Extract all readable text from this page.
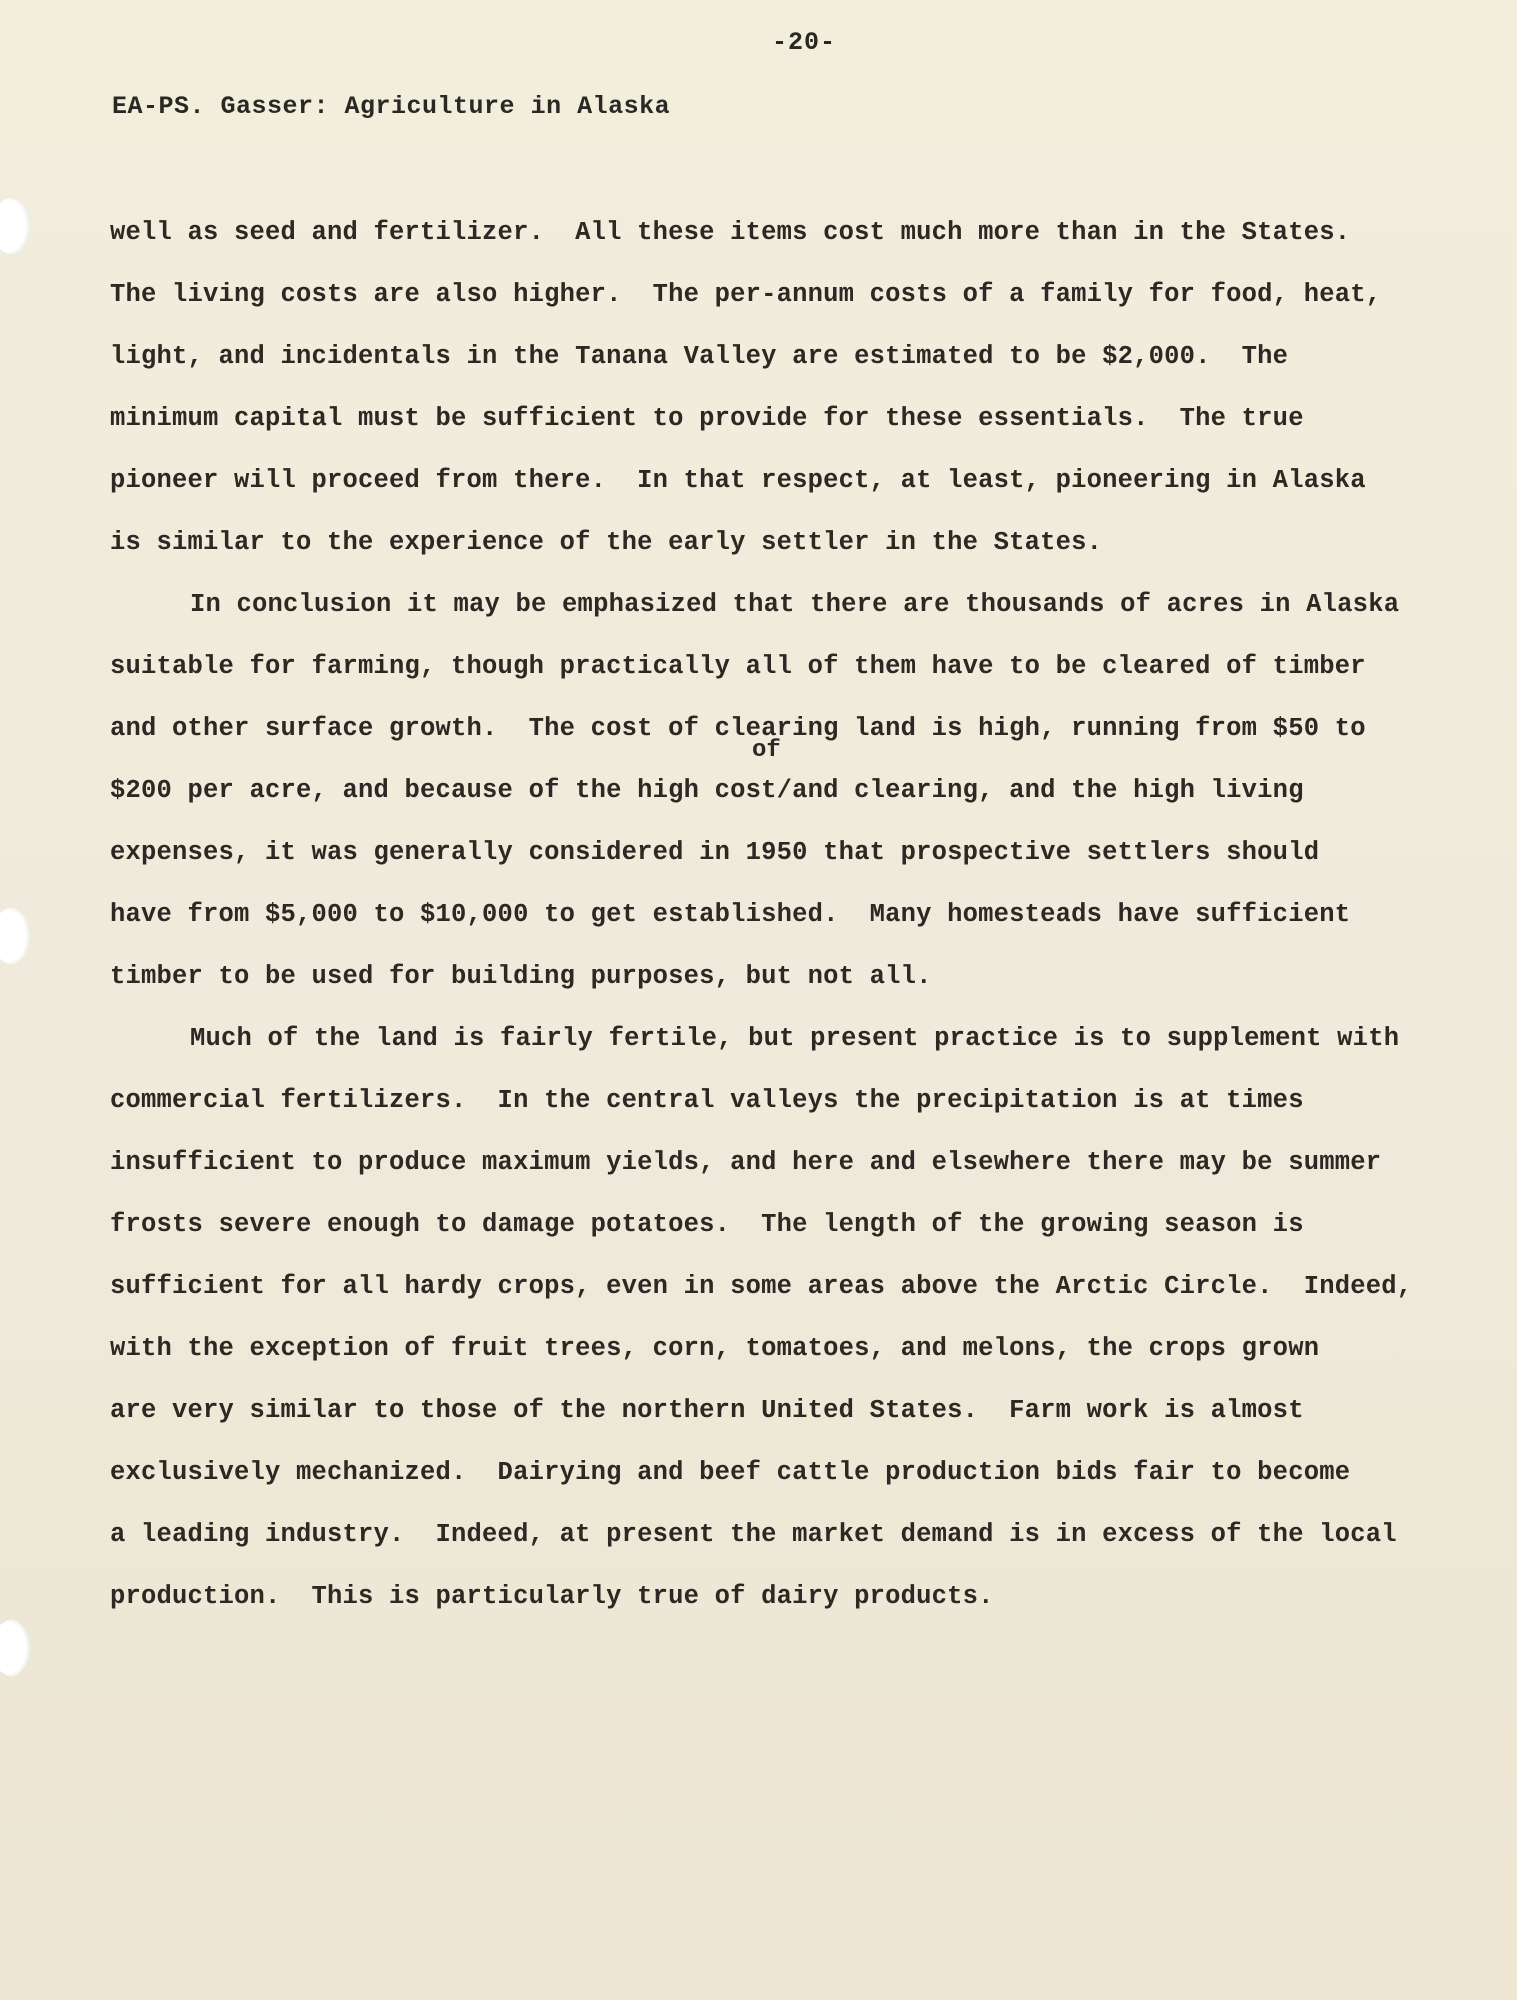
-20-
EA-PS. Gasser: Agriculture in Alaska
of
well as seed and fertilizer.  All these items cost much more than in the States.
The living costs are also higher.  The per-annum costs of a family for food, heat,
light, and incidentals in the Tanana Valley are estimated to be $2,000.  The
minimum capital must be sufficient to provide for these essentials.  The true
pioneer will proceed from there.  In that respect, at least, pioneering in Alaska
is similar to the experience of the early settler in the States.
In conclusion it may be emphasized that there are thousands of acres in Alaska
suitable for farming, though practically all of them have to be cleared of timber
and other surface growth.  The cost of clearing land is high, running from $50 to
$200 per acre, and because of the high cost/and clearing, and the high living
expenses, it was generally considered in 1950 that prospective settlers should
have from $5,000 to $10,000 to get established.  Many homesteads have sufficient
timber to be used for building purposes, but not all.
Much of the land is fairly fertile, but present practice is to supplement with
commercial fertilizers.  In the central valleys the precipitation is at times
insufficient to produce maximum yields, and here and elsewhere there may be summer
frosts severe enough to damage potatoes.  The length of the growing season is
sufficient for all hardy crops, even in some areas above the Arctic Circle.  Indeed,
with the exception of fruit trees, corn, tomatoes, and melons, the crops grown
are very similar to those of the northern United States.  Farm work is almost
exclusively mechanized.  Dairying and beef cattle production bids fair to become
a leading industry.  Indeed, at present the market demand is in excess of the local
production.  This is particularly true of dairy products.
